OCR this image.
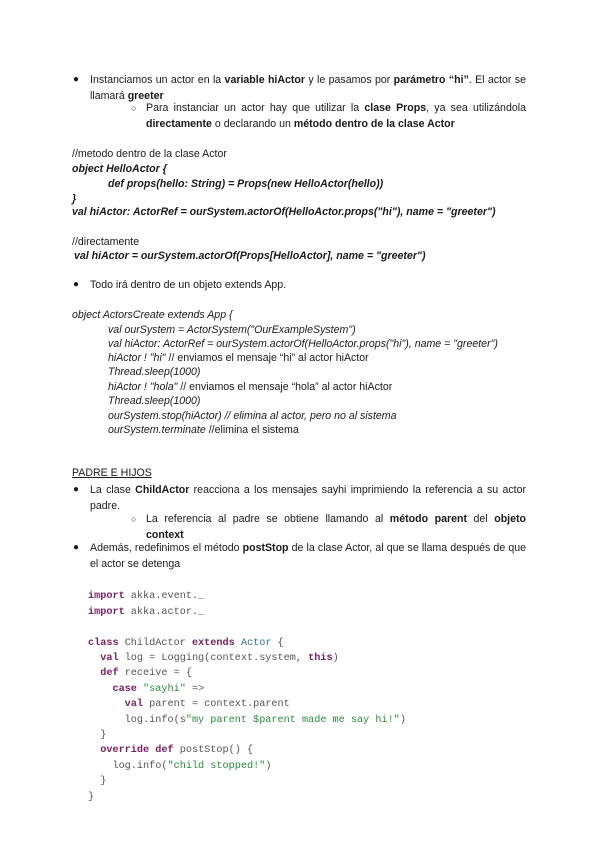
● Instanciamos un actor en la variable hiActor y le pasamos por parámetro “hi”. El actor se llamará greeter
○ Para instanciar un actor hay que utilizar la clase Props, ya sea utilizándola directamente o declarando un método dentro de la clase Actor
//metodo dentro de la clase Actor
object HelloActor {
def props(hello: String) = Props(new HelloActor(hello))
}
val hiActor: ActorRef = ourSystem.actorOf(HelloActor.props("hi"), name = "greeter")
//directamente
val hiActor = ourSystem.actorOf(Props[HelloActor], name = "greeter")
● Todo irá dentro de un objeto extends App.
object ActorsCreate extends App {
val ourSystem = ActorSystem("OurExampleSystem")
val hiActor: ActorRef = ourSystem.actorOf(HelloActor.props("hi"), name = "greeter")
hiActor ! "hi" // enviamos el mensaje “hi” al actor hiActor
Thread.sleep(1000)
hiActor ! "hola" // enviamos el mensaje “hola” al actor hiActor
Thread.sleep(1000)
ourSystem.stop(hiActor) // elimina al actor, pero no al sistema
ourSystem.terminate //elimina el sistema
PADRE E HIJOS
● La clase ChildActor reacciona a los mensajes sayhi imprimiendo la referencia a su actor padre.
○ La referencia al padre se obtiene llamando al método parent del objeto context
● Además, redefinimos el método postStop de la clase Actor, al que se llama después de que el actor se detenga

import akka.event._
import akka.actor._

class ChildActor extends Actor {
val log = Logging(context.system, this)
def receive = {
case "sayhi" =>
val parent = context.parent
log.info(s"my parent $parent made me say hi!")
}
override def postStop() {
log.info("child stopped!")
}
}
